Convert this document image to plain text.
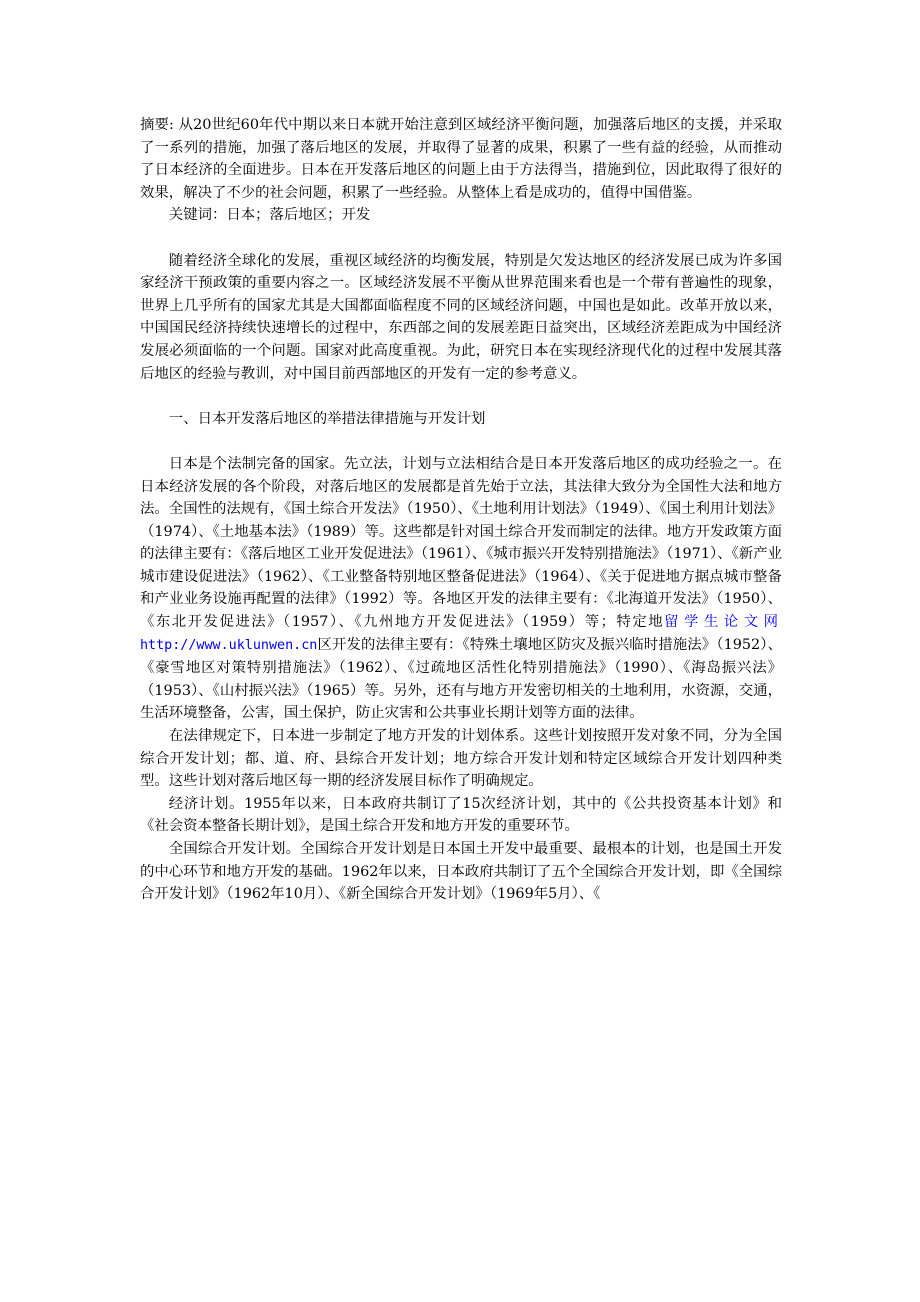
摘要: 从20世纪60年代中期以来日本就开始注意到区域经济平衡问题，加强落后地区的支援，并采取了一系列的措施，加强了落后地区的发展，并取得了显著的成果，积累了一些有益的经验，从而推动了日本经济的全面进步。日本在开发落后地区的问题上由于方法得当，措施到位，因此取得了很好的效果，解决了不少的社会问题，积累了一些经验。从整体上看是成功的，值得中国借鉴。

关键词：日本；落后地区；开发

随着经济全球化的发展，重视区域经济的均衡发展，特别是欠发达地区的经济发展已成为许多国家经济干预政策的重要内容之一。区域经济发展不平衡从世界范围来看也是一个带有普遍性的现象，世界上几乎所有的国家尤其是大国都面临程度不同的区域经济问题，中国也是如此。改革开放以来，中国国民经济持续快速增长的过程中，东西部之间的发展差距日益突出，区域经济差距成为中国经济发展必须面临的一个问题。国家对此高度重视。为此，研究日本在实现经济现代化的过程中发展其落后地区的经验与教训，对中国目前西部地区的开发有一定的参考意义。

一、日本开发落后地区的举措法律措施与开发计划

日本是个法制完备的国家。先立法，计划与立法相结合是日本开发落后地区的成功经验之一。在日本经济发展的各个阶段，对落后地区的发展都是首先始于立法，其法律大致分为全国性大法和地方法。全国性的法规有，《国土综合开发法》（1950）、《土地利用计划法》（1949）、《国土利用计划法》（1974）、《土地基本法》（1989）等。这些都是针对国土综合开发而制定的法律。地方开发政策方面的法律主要有：《落后地区工业开发促进法》（1961）、《城市振兴开发特别措施法》（1971）、《新产业城市建设促进法》（1962）、《工业整备特别地区整备促进法》（1964）、《关于促进地方据点城市整备和产业业务设施再配置的法律》（1992）等。各地区开发的法律主要有：《北海道开发法》（1950）、《东北开发促进法》（1957）、《九州地方开发促进法》（1959）等；特定地留学生论文网 http://www.uklunwen.cn区开发的法律主要有：《特殊土壤地区防灾及振兴临时措施法》（1952）、《豪雪地区对策特别措施法》（1962）、《过疏地区活性化特别措施法》（1990）、《海岛振兴法》（1953）、《山村振兴法》（1965）等。另外，还有与地方开发密切相关的土地利用，水资源，交通，生活环境整备，公害，国土保护，防止灾害和公共事业长期计划等方面的法律。

在法律规定下，日本进一步制定了地方开发的计划体系。这些计划按照开发对象不同，分为全国综合开发计划；都、道、府、县综合开发计划；地方综合开发计划和特定区域综合开发计划四种类型。这些计划对落后地区每一期的经济发展目标作了明确规定。

经济计划。1955年以来，日本政府共制订了15次经济计划，其中的《公共投资基本计划》和《社会资本整备长期计划》，是国土综合开发和地方开发的重要环节。

全国综合开发计划。全国综合开发计划是日本国土开发中最重要、最根本的计划，也是国土开发的中心环节和地方开发的基础。1962年以来，日本政府共制订了五个全国综合开发计划，即《全国综合开发计划》（1962年10月）、《新全国综合开发计划》（1969年5月）、《
